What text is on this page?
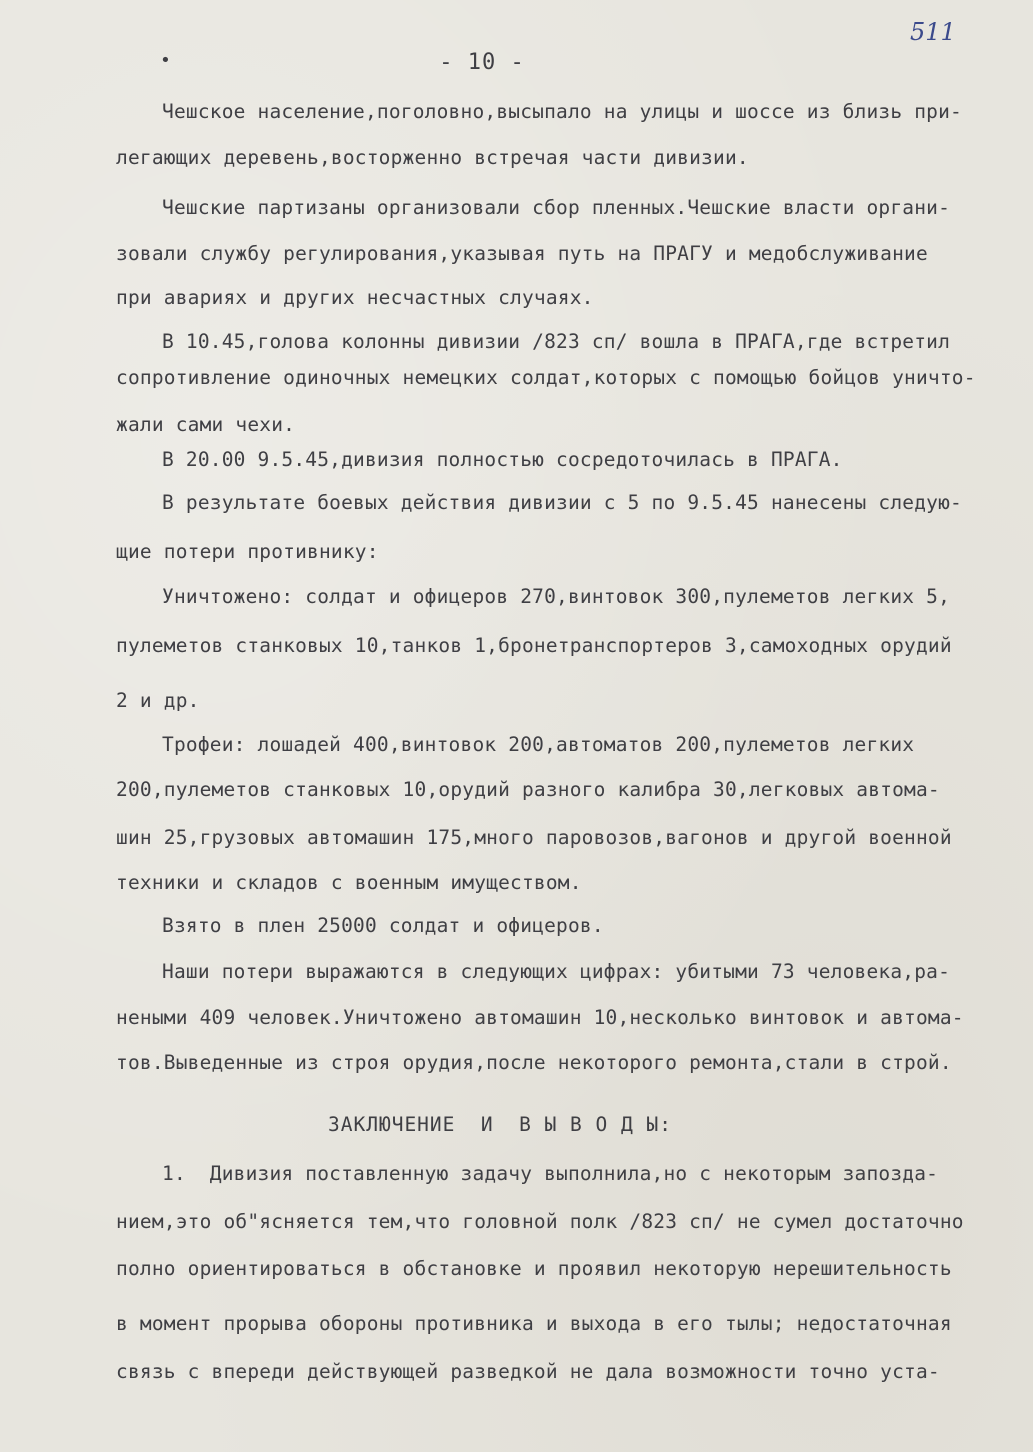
511
•	- 10 -
Чешское население,поголовно,высыпало на улицы и шоссе из близь при-
легающих деревень,восторженно встречая части дивизии.
Чешские партизаны организовали сбор пленных.Чешские власти органи-
зовали службу регулирования,указывая путь на ПРАГУ и медобслуживание
при авариях и других несчастных случаях.
В 10.45,голова колонны дивизии /823 сп/ вошла в ПРАГА,где встретил
сопротивление одиночных немецких солдат,которых с помощью бойцов уничто-
жали сами чехи.
В 20.00 9.5.45,дивизия полностью сосредоточилась в ПРАГА.
В результате боевых действия дивизии с 5 по 9.5.45 нанесены следую-
щие потери противнику:
Уничтожено: солдат и офицеров 270,винтовок 300,пулеметов легких 5,
пулеметов станковых 10,танков 1,бронетранспортеров 3,самоходных орудий
2 и др.
Трофеи: лошадей 400,винтовок 200,автоматов 200,пулеметов легких
200,пулеметов станковых 10,орудий разного калибра 30,легковых автома-
шин 25,грузовых автомашин 175,много паровозов,вагонов и другой военной
техники и складов с военным имуществом.
Взято в плен 25000 солдат и офицеров.
Наши потери выражаются в следующих цифрах: убитыми 73 человека,ра-
неными 409 человек.Уничтожено автомашин 10,несколько винтовок и автома-
тов.Выведенные из строя орудия,после некоторого ремонта,стали в строй.
ЗАКЛЮЧЕНИЕ  И  В Ы В О Д Ы:
1.  Дивизия поставленную задачу выполнила,но с некоторым запозда-
нием,это об"ясняется тем,что головной полк /823 сп/ не сумел достаточно
полно ориентироваться в обстановке и проявил некоторую нерешительность
в момент прорыва обороны противника и выхода в его тылы; недостаточная
связь с впереди действующей разведкой не дала возможности точно уста-
